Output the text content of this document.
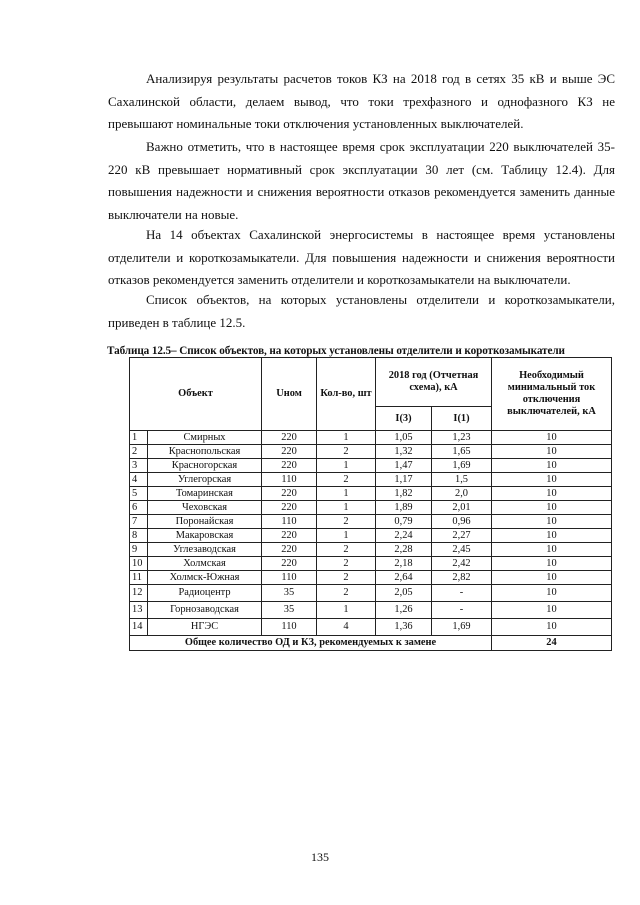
Анализируя результаты расчетов токов КЗ на 2018 год в сетях 35 кВ и выше ЭС Сахалинской области, делаем вывод, что токи трехфазного и однофазного КЗ не превышают номинальные токи отключения установленных выключателей.

Важно отметить, что в настоящее время срок эксплуатации 220 выключателей 35-220 кВ превышает нормативный срок эксплуатации 30 лет (см. Таблицу 12.4). Для повышения надежности и снижения вероятности отказов рекомендуется заменить данные выключатели на новые.

На 14 объектах Сахалинской энергосистемы в настоящее время установлены отделители и короткозамыкатели. Для повышения надежности и снижения вероятности отказов рекомендуется заменить отделители и короткозамыкатели на выключатели.

Список объектов, на которых установлены отделители и короткозамыкатели, приведен в таблице 12.5.

Таблица 12.5– Список объектов, на которых установлены отделители и короткозамыкатели
Объект		Uном	Кол-во, шт	2018 год (Отчетная схема), кА		Необходимый минимальный ток отключения выключателей, кА
				I(3)	I(1)	
1	Смирных	220	1	1,05	1,23	10
2	Краснопольская	220	2	1,32	1,65	10
3	Красногорская	220	1	1,47	1,69	10
4	Углегорская	110	2	1,17	1,5	10
5	Томаринская	220	1	1,82	2,0	10
6	Чеховская	220	1	1,89	2,01	10
7	Поронайская	110	2	0,79	0,96	10
8	Макаровская	220	1	2,24	2,27	10
9	Углезаводская	220	2	2,28	2,45	10
10	Холмская	220	2	2,18	2,42	10
11	Холмск-Южная	110	2	2,64	2,82	10
12	Радиоцентр	35	2	2,05	-	10
13	Горнозаводская	35	1	1,26	-	10
14	НГЭС	110	4	1,36	1,69	10
Общее количество ОД и КЗ, рекомендуемых к замене						24
135
